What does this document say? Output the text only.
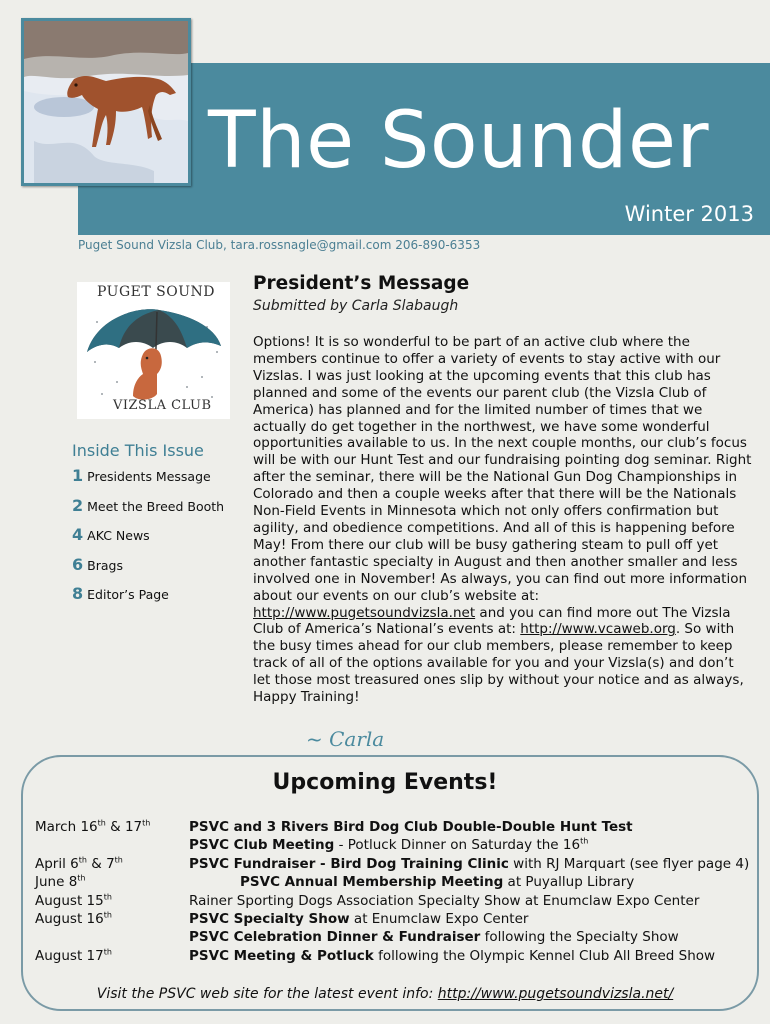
The Sounder
Winter 2013
Puget Sound Vizsla Club, tara.rossnagle@gmail.com 206-890-6353
PUGET SOUND
VIZSLA CLUB
Inside This Issue
1 Presidents Message
2 Meet the Breed Booth
4 AKC News
6 Brags
8 Editor’s Page
President’s Message
Submitted by Carla Slabaugh
Options! It is so wonderful to be part of an active club where the members continue to offer a variety of events to stay active with our Vizslas. I was just looking at the upcoming events that this club has planned and some of the events our parent club (the Vizsla Club of America) has planned and for the limited number of times that we actually do get together in the northwest, we have some wonderful opportunities available to us. In the next couple months, our club’s focus will be with our Hunt Test and our fundraising pointing dog seminar. Right after the seminar, there will be the National Gun Dog Championships in Colorado and then a couple weeks after that there will be the Nationals Non-Field Events in Minnesota which not only offers confirmation but agility, and obedience competitions. And all of this is happening before May! From there our club will be busy gathering steam to pull off yet another fantastic specialty in August and then another smaller and less involved one in November! As always, you can find out more information about our events on our club’s website at: http://www.pugetsoundvizsla.net and you can find more out The Vizsla Club of America’s National’s events at: http://www.vcaweb.org. So with the busy times ahead for our club members, please remember to keep track of all of the options available for you and your Vizsla(s) and don’t let those most treasured ones slip by without your notice and as always, Happy Training!
~ Carla
Upcoming Events!
March 16th & 17th	PSVC and 3 Rivers Bird Dog Club Double-Double Hunt Test
PSVC Club Meeting - Potluck Dinner on Saturday the 16th
April 6th & 7th	PSVC Fundraiser - Bird Dog Training Clinic with RJ Marquart (see flyer page 4)
June 8th	PSVC Annual Membership Meeting at Puyallup Library
August 15th	Rainer Sporting Dogs Association Specialty Show at Enumclaw Expo Center
August 16th	PSVC Specialty Show at Enumclaw Expo Center
PSVC Celebration Dinner & Fundraiser following the Specialty Show
August 17th	PSVC Meeting & Potluck following the Olympic Kennel Club All Breed Show
Visit the PSVC web site for the latest event info: http://www.pugetsoundvizsla.net/
